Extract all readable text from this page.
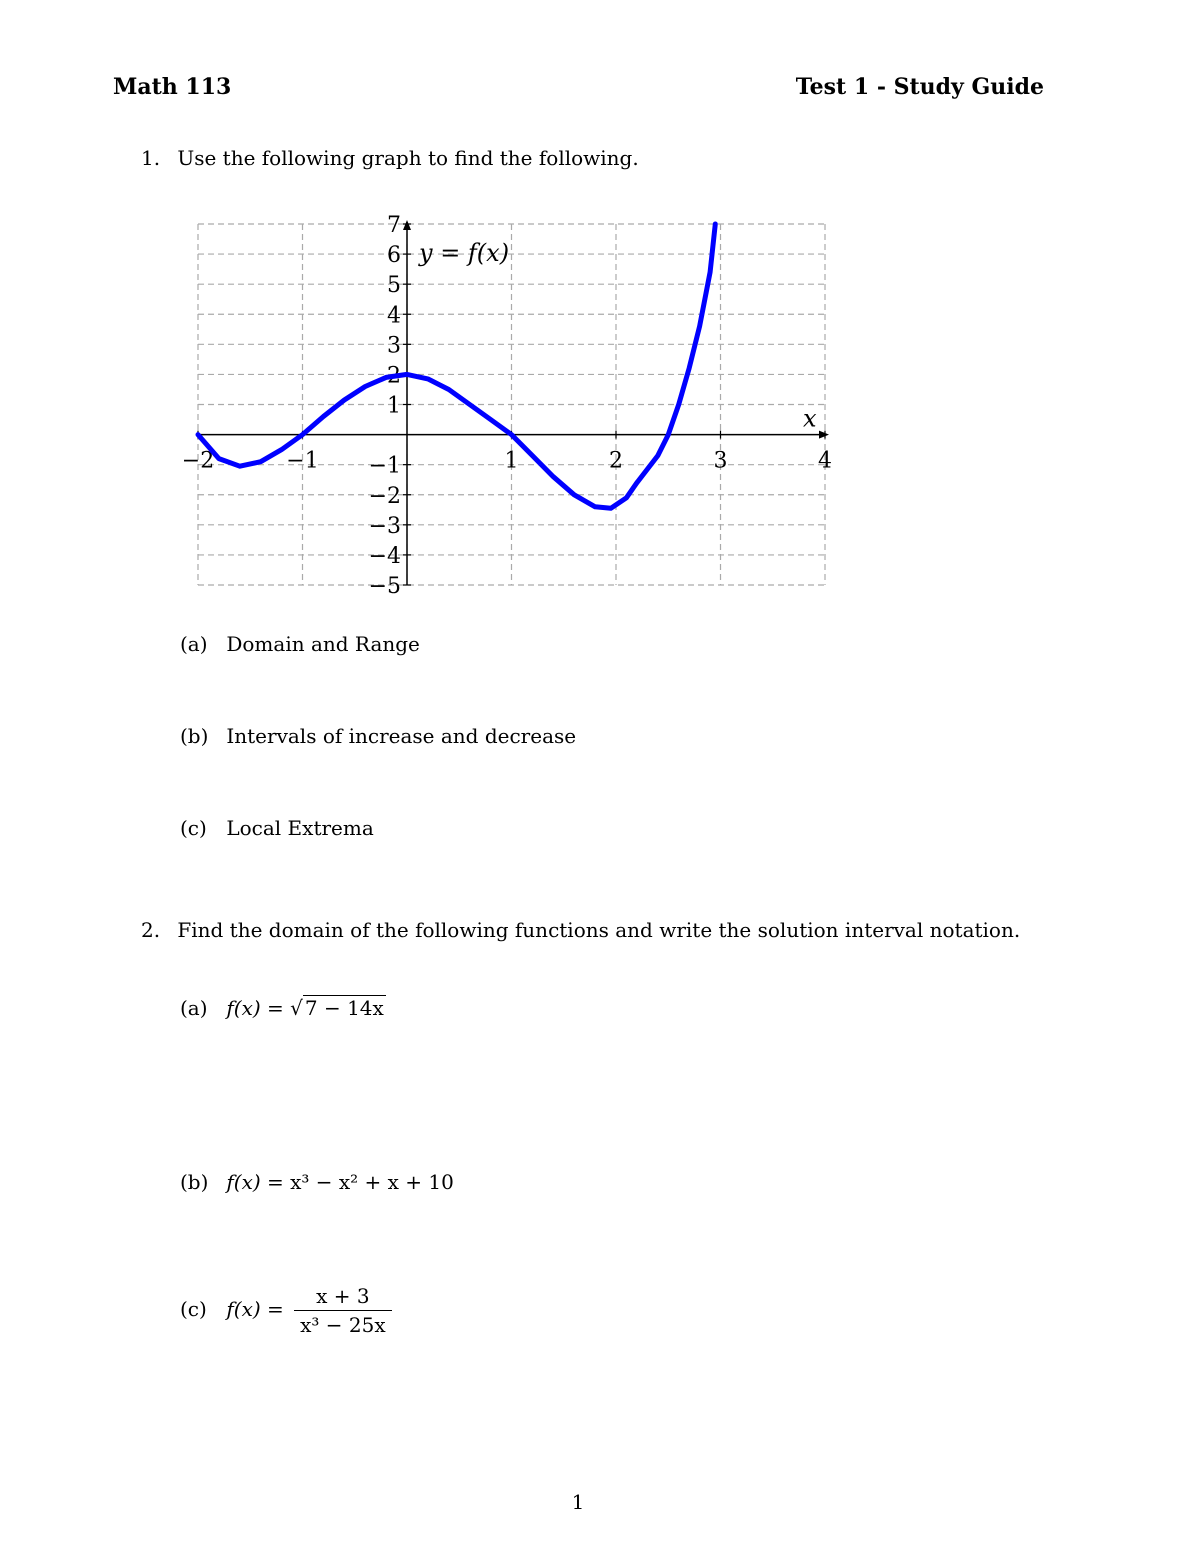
Math 113	Test 1 - Study Guide
1. Use the following graph to find the following.
−2	−1	1	2	3	4
7
6
5
4
3
2
1
−1
−2
−3
−4
−5
y = f(x)
x
(a) Domain and Range
(b) Intervals of increase and decrease
(c) Local Extrema
2. Find the domain of the following functions and write the solution interval notation.
(a) f(x) = √ 7 − 14x
(b) f(x) = x³ − x² + x + 10
(c) $f(x) = \frac{x + 3}{\text{x³ − 25x}}$
1
